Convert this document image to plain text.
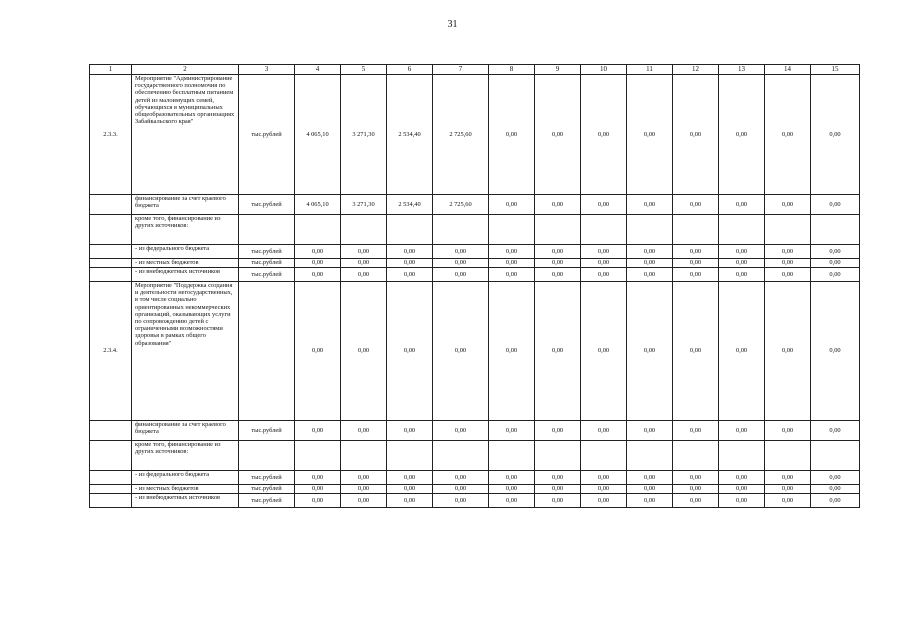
31
1	2	3	4	5	6	7	8	9	10	11	12	13	14	15
2.3.3.	Мероприятие "Администрирование государственного полномочия по обеспечению бесплатным питанием детей из малоимущих семей, обучающихся в муниципальных общеобразовательных организациях Забайкальского края"	тыс.рублей	4 065,10	3 271,30	2 534,40	2 725,60	0,00	0,00	0,00	0,00	0,00	0,00	0,00	0,00
	финансирование за счет краевого бюджета	тыс.рублей	4 065,10	3 271,30	2 534,40	2 725,60	0,00	0,00	0,00	0,00	0,00	0,00	0,00	0,00
	кроме того, финансирование из других источников:													
	- из федерального бюджета	тыс.рублей	0,00	0,00	0,00	0,00	0,00	0,00	0,00	0,00	0,00	0,00	0,00	0,00
	- из местных бюджетов	тыс.рублей	0,00	0,00	0,00	0,00	0,00	0,00	0,00	0,00	0,00	0,00	0,00	0,00
	- из внебюджетных источников	тыс.рублей	0,00	0,00	0,00	0,00	0,00	0,00	0,00	0,00	0,00	0,00	0,00	0,00
2.3.4.	Мероприятие "Поддержка создания и деятельности негосударственных, в том числе социально ориентированных некоммерческих организаций, оказывающих услуги по сопровождению детей с ограниченными возможностями здоровья в рамках общего образования"		0,00	0,00	0,00	0,00	0,00	0,00	0,00	0,00	0,00	0,00	0,00	0,00
	финансирование за счет краевого бюджета	тыс.рублей	0,00	0,00	0,00	0,00	0,00	0,00	0,00	0,00	0,00	0,00	0,00	0,00
	кроме того, финансирование из других источников:													
	- из федерального бюджета	тыс.рублей	0,00	0,00	0,00	0,00	0,00	0,00	0,00	0,00	0,00	0,00	0,00	0,00
	- из местных бюджетов	тыс.рублей	0,00	0,00	0,00	0,00	0,00	0,00	0,00	0,00	0,00	0,00	0,00	0,00
	- из внебюджетных источников	тыс.рублей	0,00	0,00	0,00	0,00	0,00	0,00	0,00	0,00	0,00	0,00	0,00	0,00
